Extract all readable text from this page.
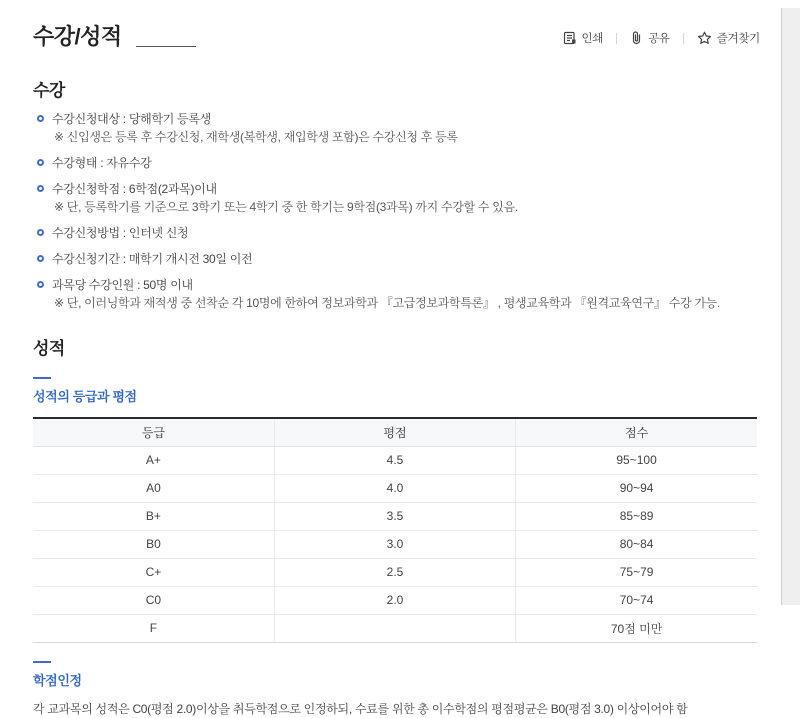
수강/성적	인쇄	공유	즐겨찾기
수강
수강신청대상 : 당해학기 등록생
※ 신입생은 등록 후 수강신청, 재학생(복학생, 재입학생 포함)은 수강신청 후 등록
수강형태 : 자유수강
수강신청학점 : 6학점(2과목)이내
※ 단, 등록학기를 기준으로 3학기 또는 4학기 중 한 학기는 9학점(3과목) 까지 수강할 수 있음.
수강신청방법 : 인터넷 신청
수강신청기간 : 매학기 개시전 30일 이전
과목당 수강인원 : 50명 이내
※ 단, 이러닝학과 재적생 중 선착순 각 10명에 한하여 정보과학과 『고급정보과학특론』 , 평생교육학과 『원격교육연구』 수강 가능.
성적
성적의 등급과 평점
등급	평점	점수
A+	4.5	95~100
A0	4.0	90~94
B+	3.5	85~89
B0	3.0	80~84
C+	2.5	75~79
C0	2.0	70~74
F		70점 미만
학점인정
각 교과목의 성적은 C0(평점 2.0)이상을 취득학점으로 인정하되, 수료를 위한 총 이수학점의 평점평균은 B0(평점 3.0) 이상이어야 함
